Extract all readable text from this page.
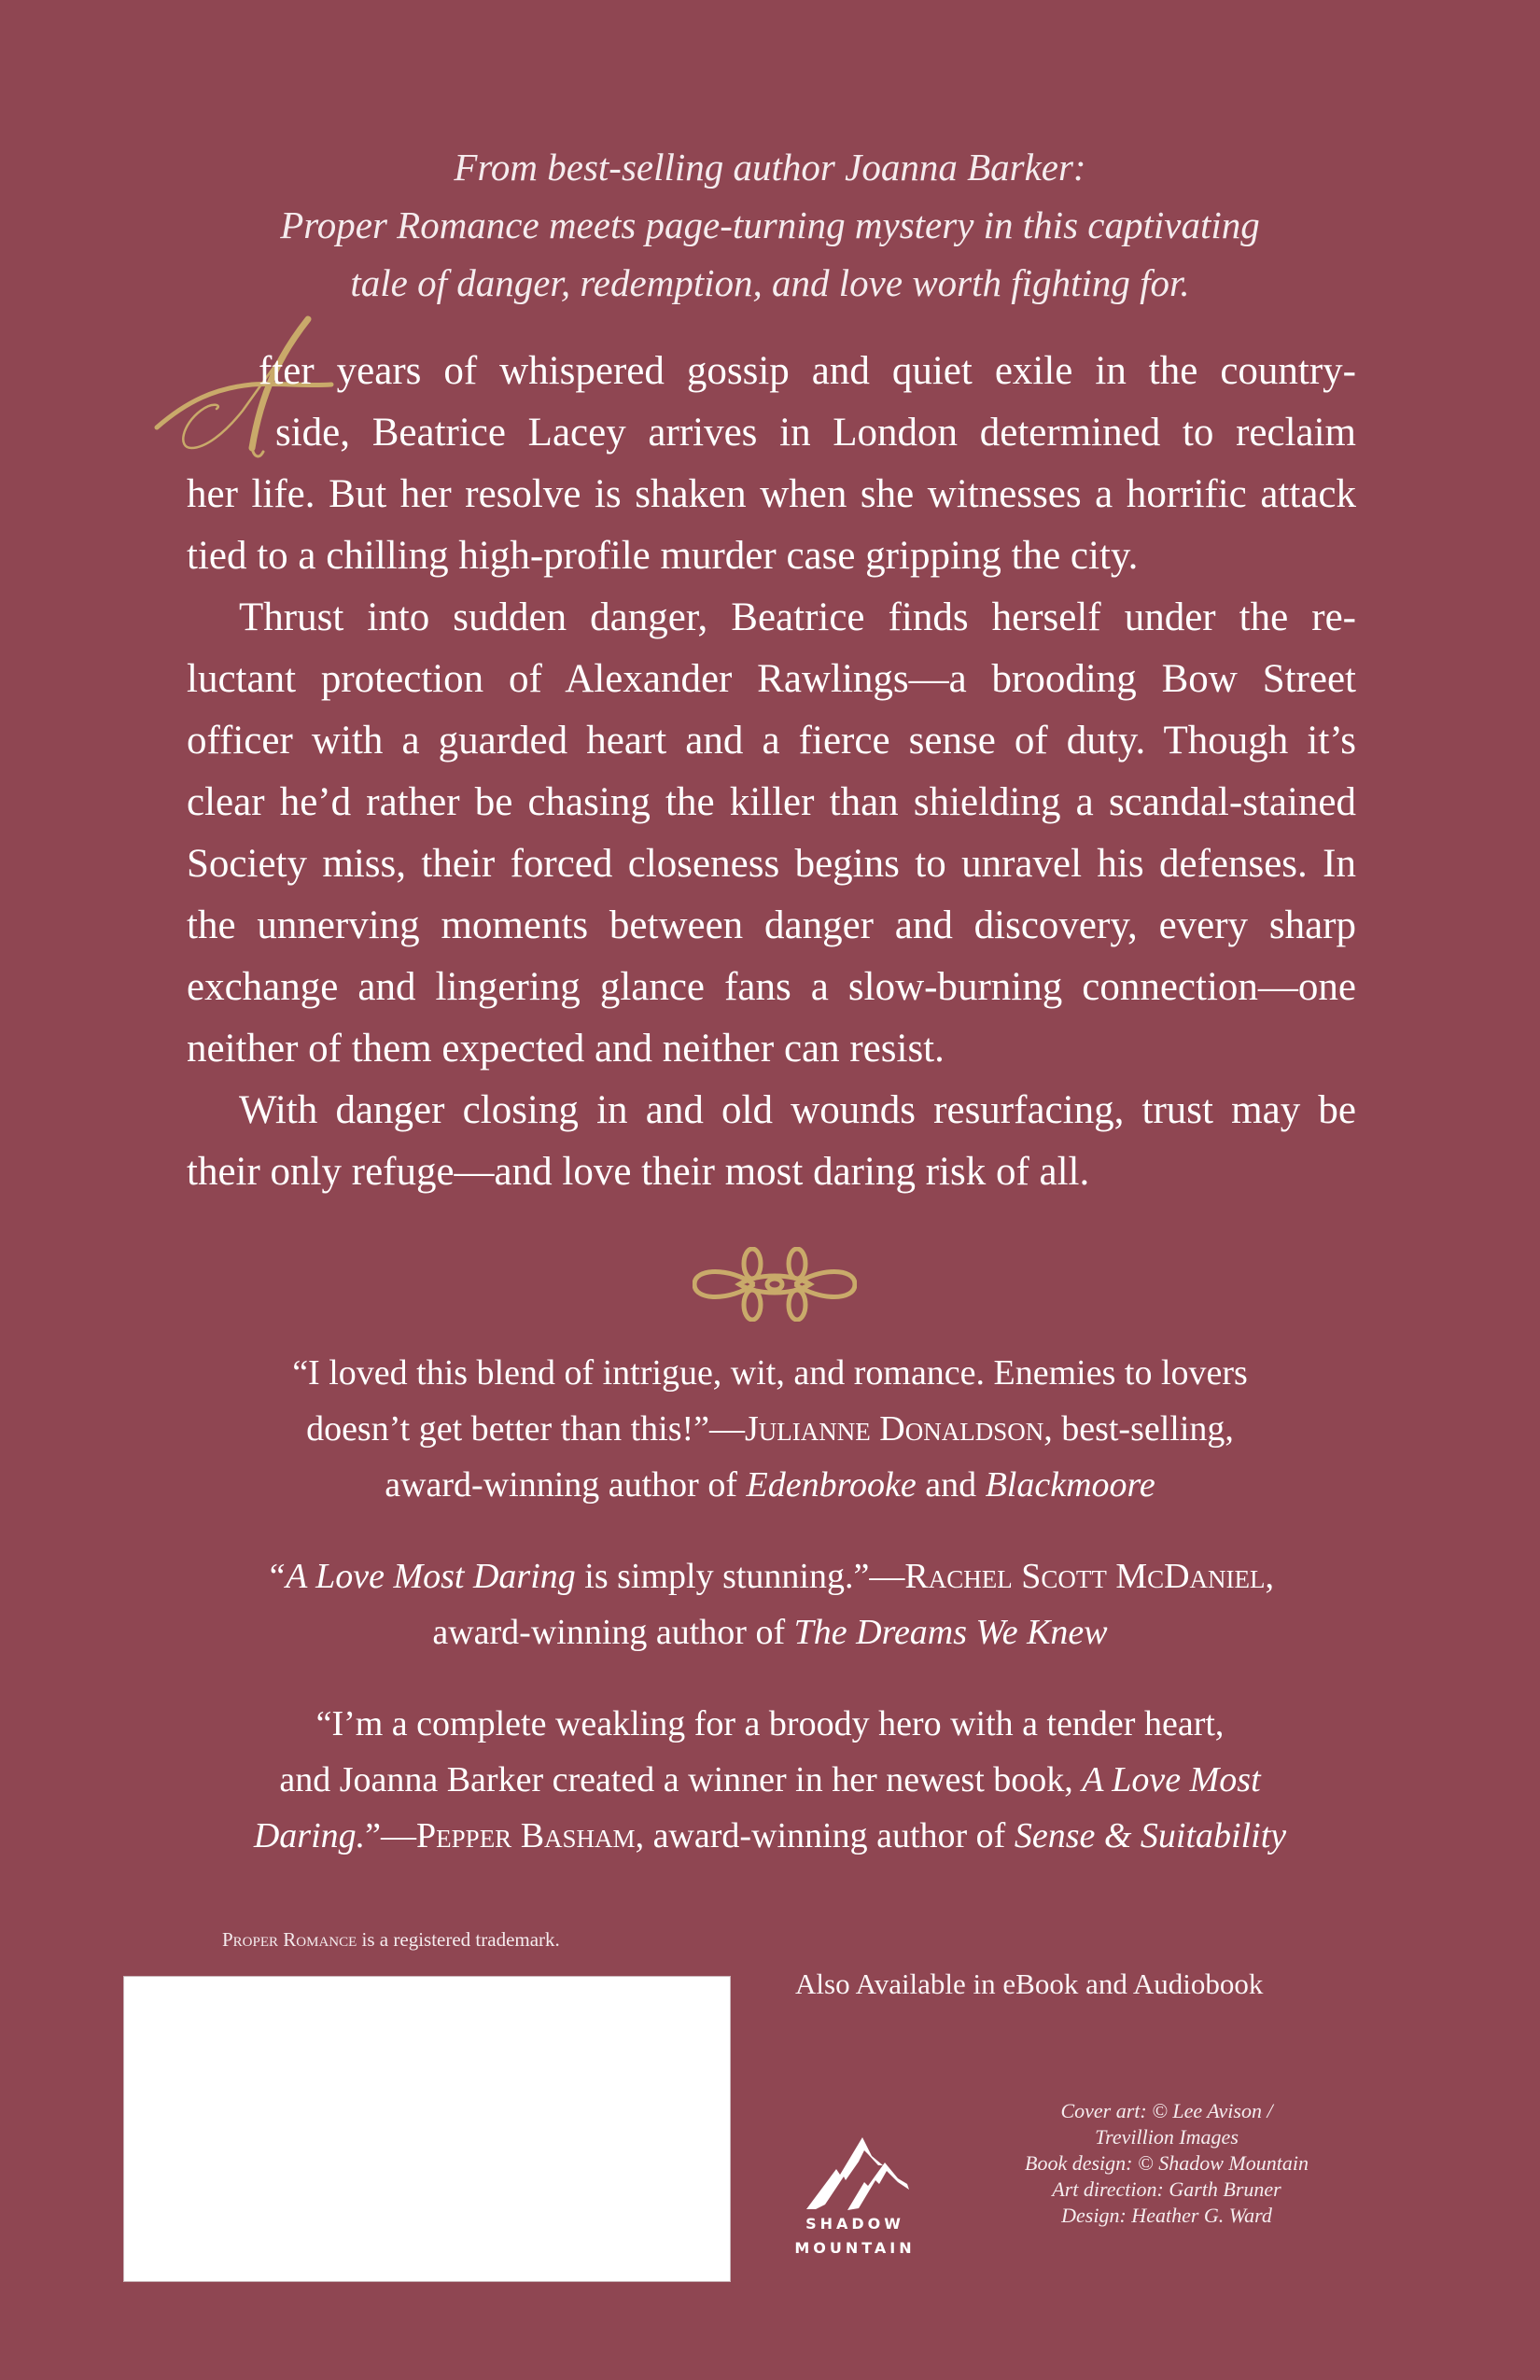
From best-selling author Joanna Barker:
Proper Romance meets page-turning mystery in this captivating
tale of danger, redemption, and love worth fighting for.
fter years of whispered gossip and quiet exile in the country-
side, Beatrice Lacey arrives in London determined to reclaim
her life. But her resolve is shaken when she witnesses a horrific attack
tied to a chilling high-profile murder case gripping the city.
Thrust into sudden danger, Beatrice finds herself under the re-
luctant protection of Alexander Rawlings—a brooding Bow Street
officer with a guarded heart and a fierce sense of duty. Though it’s
clear he’d rather be chasing the killer than shielding a scandal-stained
Society miss, their forced closeness begins to unravel his defenses. In
the unnerving moments between danger and discovery, every sharp
exchange and lingering glance fans a slow-burning connection—one
neither of them expected and neither can resist.
With danger closing in and old wounds resurfacing, trust may be
their only refuge—and love their most daring risk of all.
“I loved this blend of intrigue, wit, and romance. Enemies to lovers
doesn’t get better than this!”—Julianne Donaldson, best-selling,
award-winning author of Edenbrooke and Blackmoore
“A Love Most Daring is simply stunning.”—Rachel Scott McDaniel,
award-winning author of The Dreams We Knew
“I’m a complete weakling for a broody hero with a tender heart,
and Joanna Barker created a winner in her newest book, A Love Most
Daring.”—Pepper Basham, award-winning author of Sense & Suitability
Proper Romance is a registered trademark.
Also Available in eBook and Audiobook
SHADOW
MOUNTAIN
Cover art: © Lee Avison /
Trevillion Images
Book design: © Shadow Mountain
Art direction: Garth Bruner
Design: Heather G. Ward
